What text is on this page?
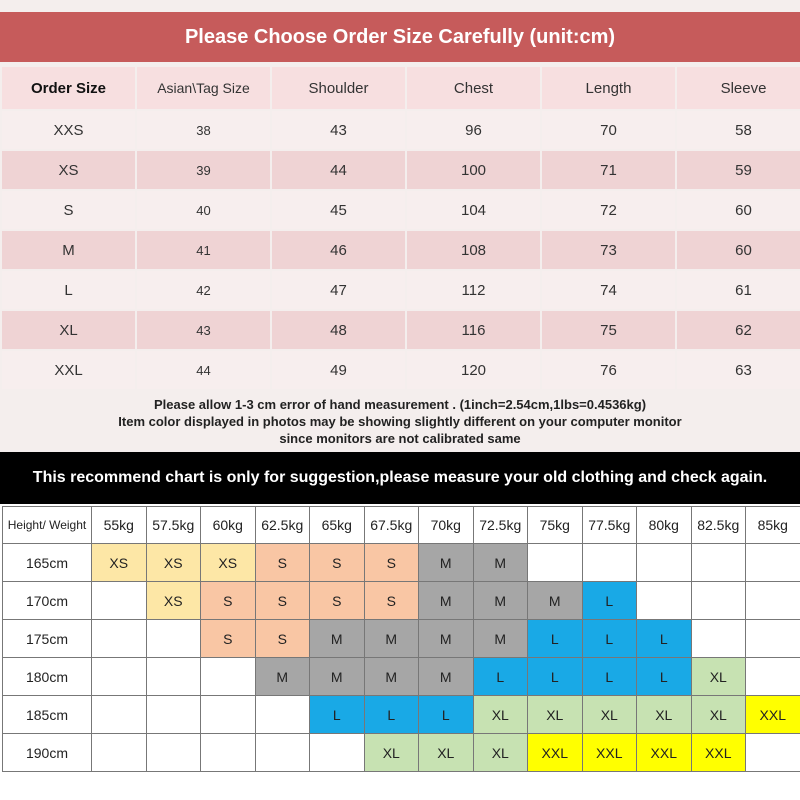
Please Choose Order Size Carefully (unit:cm)
Order Size	Asian\Tag Size	Shoulder	Chest	Length	Sleeve
XXS	38	43	96	70	58
XS	39	44	100	71	59
S	40	45	104	72	60
M	41	46	108	73	60
L	42	47	112	74	61
XL	43	48	116	75	62
XXL	44	49	120	76	63
Please allow 1-3 cm error of hand measurement . (1inch=2.54cm,1lbs=0.4536kg)
Item color displayed in photos may be showing slightly different on your computer monitor
since monitors are not calibrated same
This recommend chart is only for suggestion,please measure your old clothing and check again.
Height/ Weight	55kg	57.5kg	60kg	62.5kg	65kg	67.5kg	70kg	72.5kg	75kg	77.5kg	80kg	82.5kg	85kg
165cm	XS	XS	XS	S	S	S	M	M					
170cm		XS	S	S	S	S	M	M	M	L			
175cm			S	S	M	M	M	M	L	L	L		
180cm				M	M	M	M	L	L	L	L	XL	
185cm					L	L	L	XL	XL	XL	XL	XL	XXL
190cm						XL	XL	XL	XXL	XXL	XXL	XXL	
